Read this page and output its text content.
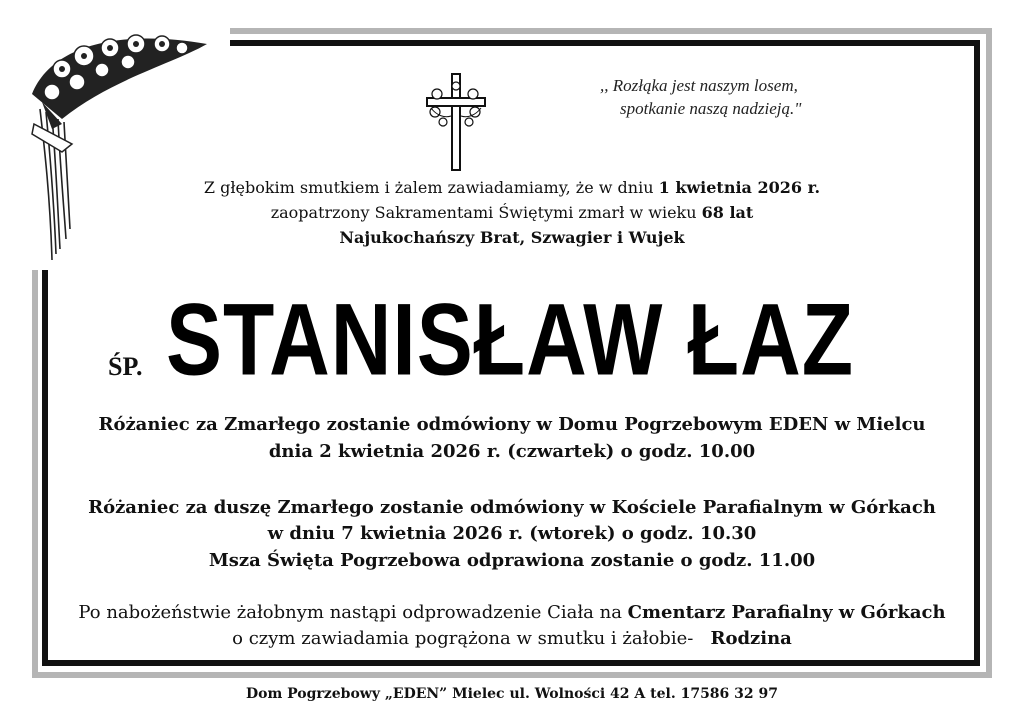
,, Rozłąka jest naszym losem,
spotkanie naszą nadzieją."
Z głębokim smutkiem i żalem zawiadamiamy, że w dniu 1 kwietnia 2026 r.
zaopatrzony Sakramentami Świętymi zmarł w wieku 68 lat
Najukochańszy Brat, Szwagier i Wujek
ŚP. STANISŁAW ŁAZ
Różaniec za Zmarłego zostanie odmówiony w Domu Pogrzebowym EDEN w Mielcu
dnia 2 kwietnia 2026 r. (czwartek) o godz. 10.00
Różaniec za duszę Zmarłego zostanie odmówiony w Kościele Parafialnym w Górkach
w dniu 7 kwietnia 2026 r. (wtorek) o godz. 10.30
Msza Święta Pogrzebowa odprawiona zostanie o godz. 11.00
Po nabożeństwie żałobnym nastąpi odprowadzenie Ciała na Cmentarz Parafialny w Górkach
o czym zawiadamia pogrążona w smutku i żałobie-   Rodzina
Dom Pogrzebowy „EDEN” Mielec ul. Wolności 42 A tel. 17586 32 97
